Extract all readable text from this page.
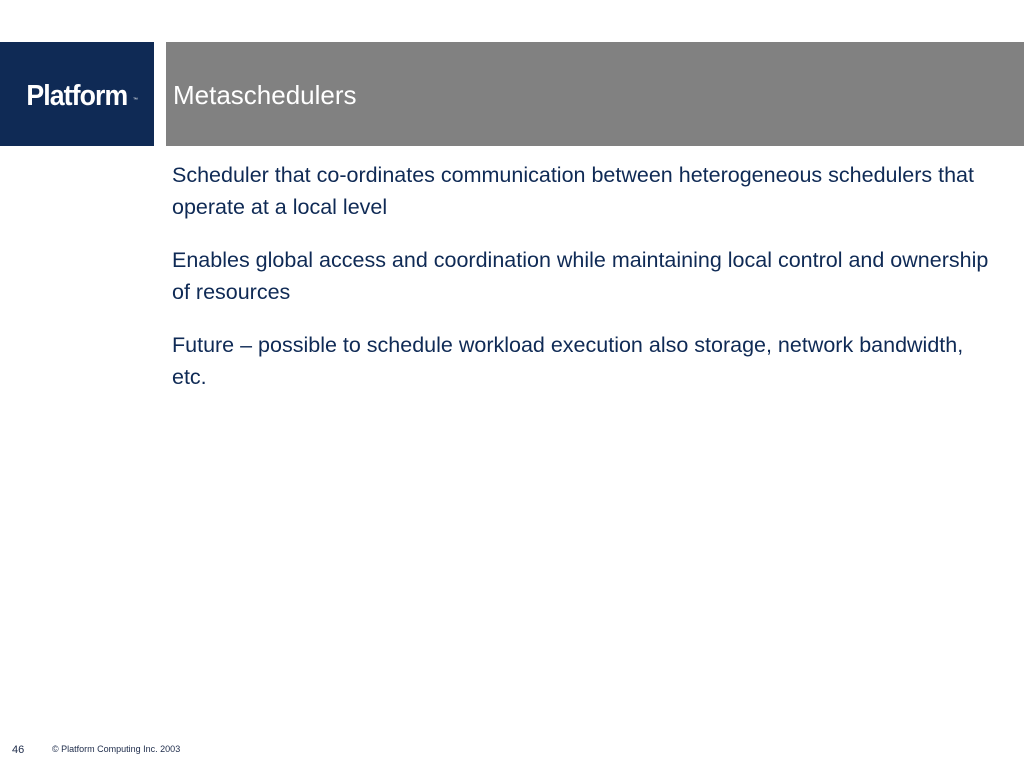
Platform ™ Metaschedulers

Scheduler that co-ordinates communication between heterogeneous schedulers that operate at a local level

Enables global access and coordination while maintaining local control and ownership of resources

Future – possible to schedule workload execution also storage, network bandwidth, etc.

46	© Platform Computing Inc. 2003
